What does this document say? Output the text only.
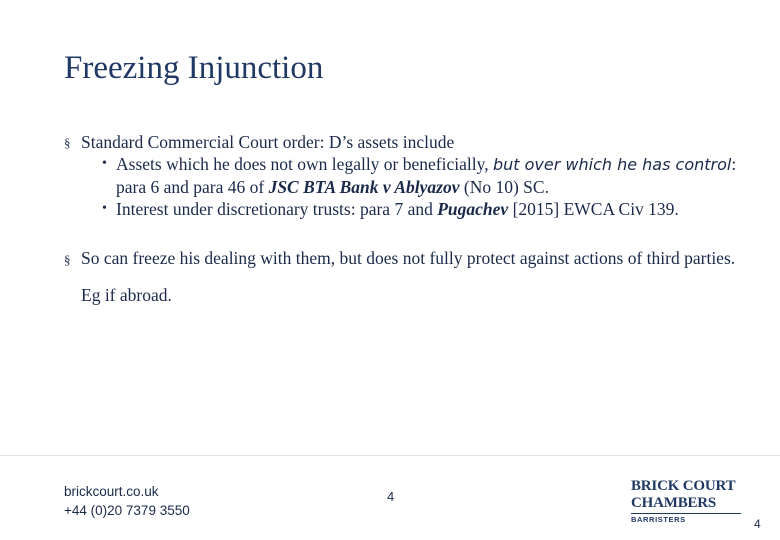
Freezing Injunction
§ Standard Commercial Court order: D’s assets include
• Assets which he does not own legally or beneficially, but over which he has control: para 6 and para 46 of JSC BTA Bank v Ablyazov (No 10) SC.
• Interest under discretionary trusts: para 7 and Pugachev [2015] EWCA Civ 139.
§ So can freeze his dealing with them, but does not fully protect against actions of third parties. Eg if abroad.
brickcourt.co.uk
+44 (0)20 7379 3550
4
BRICK COURT
CHAMBERS
BARRISTERS	4
